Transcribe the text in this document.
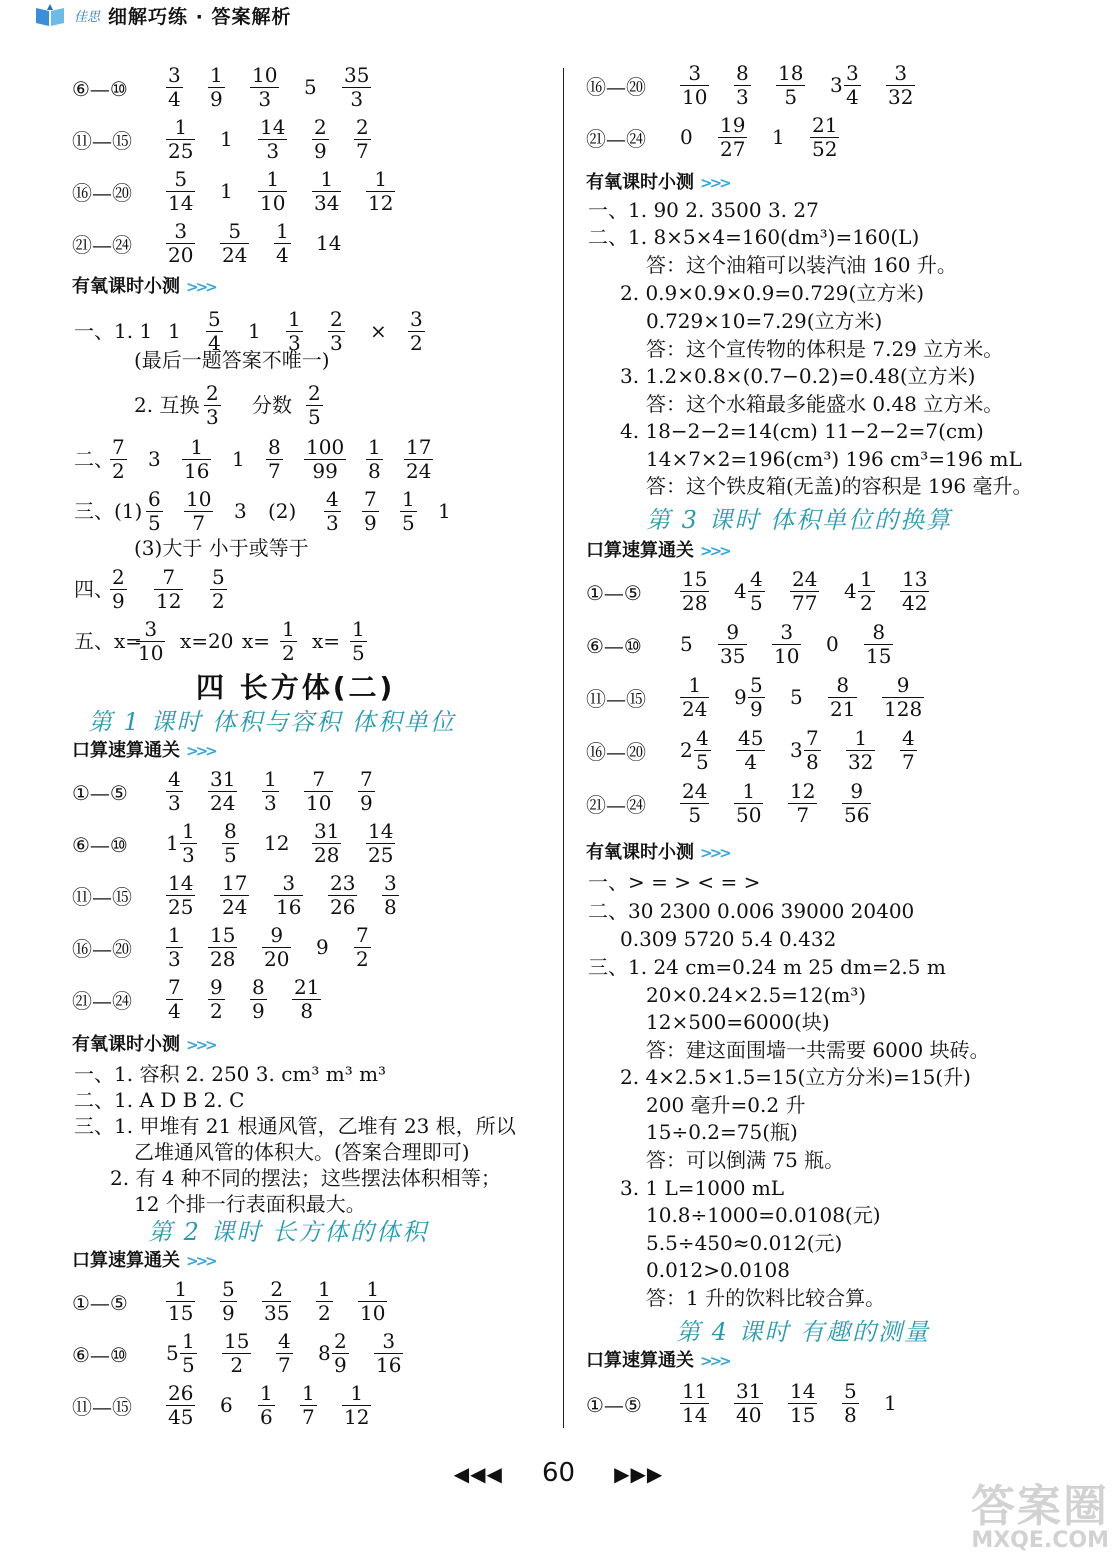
佳思 细解巧练 · 答案解析
⑥—⑩
3
4
1
9
10
3 5 35
3
⑪—⑮
1
25 1 14
3
2
9
2
7
⑯—⑳
5
14 1 1
10
1
34
1
12
㉑—㉔
3
20
5
24
1
4 14
有氧课时小测 >>>
一、1. 1 1 5
4 1 1
3
2
3 × 3
2
(最后一题答案不唯一)
2. 互换 2
3 分数 2
5
二、
7
2 3 1
16 1 8
7
100
99
1
8
17
24
三、(1) 6
5
10
7 3 (2) 4
3
7
9
1
5 1
(3)大于 小于或等于
四、
2
9
7
12
5
2
五、x= 3
10 x=20 x= 1
2 x= 1
5
四 长方体(二)
第 1 课时 体积与容积 体积单位
口算速算通关 >>>
①—⑤
4
3
31
24
1
3
7
10
7
9
⑥—⑩ 1 1
3
8
5 12 31
28
14
25
⑪—⑮
14
25
17
24
3
16
23
26
3
8
⑯—⑳
1
3
15
28
9
20 9 7
2
㉑—㉔
7
4
9
2
8
9
21
8
有氧课时小测 >>>
一、1. 容积 2. 250 3. cm³ m³ m³
二、1. A D B 2. C
三、1. 甲堆有 21 根通风管，乙堆有 23 根，所以
乙堆通风管的体积大。(答案合理即可)
2. 有 4 种不同的摆法；这些摆法体积相等；
12 个排一行表面积最大。
第 2 课时 长方体的体积
口算速算通关 >>>
①—⑤
1
15
5
9
2
35
1
2
1
10
⑥—⑩ 5 1
5
15
2
4
7 8 2
9
3
16
⑪—⑮
26
45 6 1
6
1
7
1
12
⑯—⑳
3
10
8
3
18
5 3 3
4
3
32
㉑—㉔ 0 19
27 1 21
52
有氧课时小测 >>>
一、1. 90 2. 3500 3. 27
二、1. 8×5×4=160(dm³)=160(L)
答：这个油箱可以装汽油 160 升。
2. 0.9×0.9×0.9=0.729(立方米)
0.729×10=7.29(立方米)
答：这个宣传物的体积是 7.29 立方米。
3. 1.2×0.8×(0.7−0.2)=0.48(立方米)
答：这个水箱最多能盛水 0.48 立方米。
4. 18−2−2=14(cm) 11−2−2=7(cm)
14×7×2=196(cm³) 196 cm³=196 mL
答：这个铁皮箱(无盖)的容积是 196 毫升。
第 3 课时 体积单位的换算
口算速算通关 >>>
①—⑤
15
28 4 4
5
24
77 4 1
2
13
42
⑥—⑩ 5 9
35
3
10 0 8
15
⑪—⑮
1
24 9 5
9 5 8
21
9
128
⑯—⑳ 2 4
5
45
4 3 7
8
1
32
4
7
㉑—㉔
24
5
1
50
12
7
9
56
有氧课时小测 >>>
一、> = > < = >
二、30 2300 0.006 39000 20400
0.309 5720 5.4 0.432
三、1. 24 cm=0.24 m 25 dm=2.5 m
20×0.24×2.5=12(m³)
12×500=6000(块)
答：建这面围墙一共需要 6000 块砖。
2. 4×2.5×1.5=15(立方分米)=15(升)
200 毫升=0.2 升
15÷0.2=75(瓶)
答：可以倒满 75 瓶。
3. 1 L=1000 mL
10.8÷1000=0.0108(元)
5.5÷450≈0.012(元)
0.012>0.0108
答：1 升的饮料比较合算。
第 4 课时 有趣的测量
口算速算通关 >>>
①—⑤
11
14
31
40
14
15
5
8 1
◀◀◀ 60 ▶▶▶
答案圈
MXQE.COM
